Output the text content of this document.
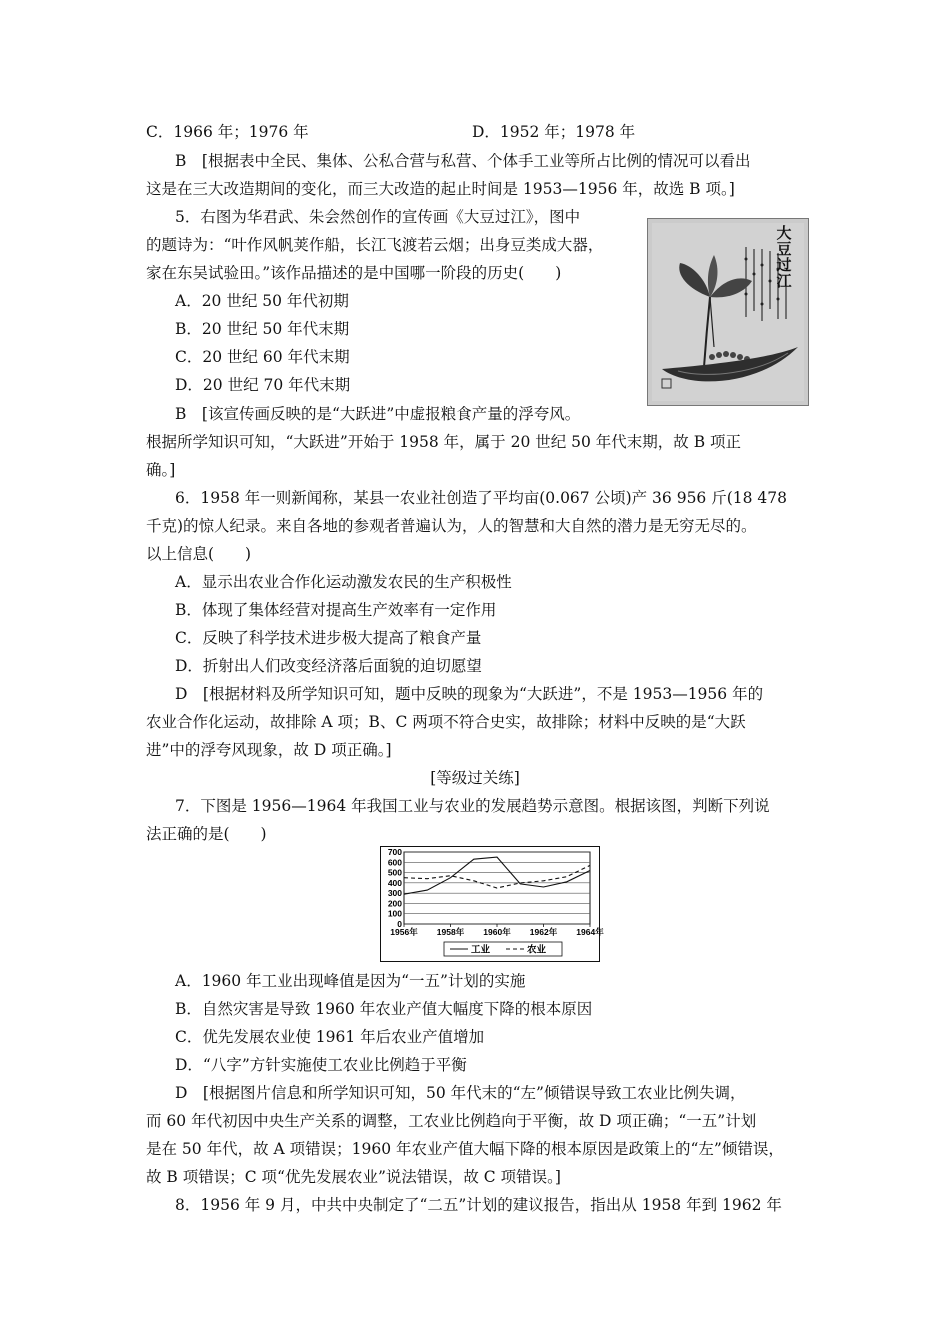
C．1966 年；1976 年	D．1952 年；1978 年
B　[根据表中全民、集体、公私合营与私营、个体手工业等所占比例的情况可以看出
这是在三大改造期间的变化，而三大改造的起止时间是 1953—1956 年，故选 B 项。]
5．右图为华君武、朱会然创作的宣传画《大豆过江》，图中
的题诗为：“叶作风帆荚作船，长江飞渡若云烟；出身豆类成大器，
家在东吴试验田。”该作品描述的是中国哪一阶段的历史(　　)
A．20 世纪 50 年代初期
B．20 世纪 50 年代末期
C．20 世纪 60 年代末期
D．20 世纪 70 年代末期
B　[该宣传画反映的是“大跃进”中虚报粮食产量的浮夸风。
根据所学知识可知，“大跃进”开始于 1958 年，属于 20 世纪 50 年代末期，故 B 项正
确。]
大豆过江
6．1958 年一则新闻称，某县一农业社创造了平均亩(0.067 公顷)产 36 956 斤(18 478
千克)的惊人纪录。来自各地的参观者普遍认为，人的智慧和大自然的潜力是无穷无尽的。
以上信息(　　)
A．显示出农业合作化运动激发农民的生产积极性
B．体现了集体经营对提高生产效率有一定作用
C．反映了科学技术进步极大提高了粮食产量
D．折射出人们改变经济落后面貌的迫切愿望
D　[根据材料及所学知识可知，题中反映的现象为“大跃进”，不是 1953—1956 年的
农业合作化运动，故排除 A 项；B、C 两项不符合史实，故排除；材料中反映的是“大跃
进”中的浮夸风现象，故 D 项正确。]
[等级过关练]
7．下图是 1956—1964 年我国工业与农业的发展趋势示意图。根据该图，判断下列说
法正确的是(　　)
0
100
200
300
400
500
600
700
1956年 1958年 1960年 1962年 1964年
工业	农业
A．1960 年工业出现峰值是因为“一五”计划的实施
B．自然灾害是导致 1960 年农业产值大幅度下降的根本原因
C．优先发展农业使 1961 年后农业产值增加
D．“八字”方针实施使工农业比例趋于平衡
D　[根据图片信息和所学知识可知，50 年代末的“左”倾错误导致工农业比例失调，
而 60 年代初因中央生产关系的调整，工农业比例趋向于平衡，故 D 项正确；“一五”计划
是在 50 年代，故 A 项错误；1960 年农业产值大幅下降的根本原因是政策上的“左”倾错误，
故 B 项错误；C 项“优先发展农业”说法错误，故 C 项错误。]
8．1956 年 9 月，中共中央制定了“二五”计划的建议报告，指出从 1958 年到 1962 年
